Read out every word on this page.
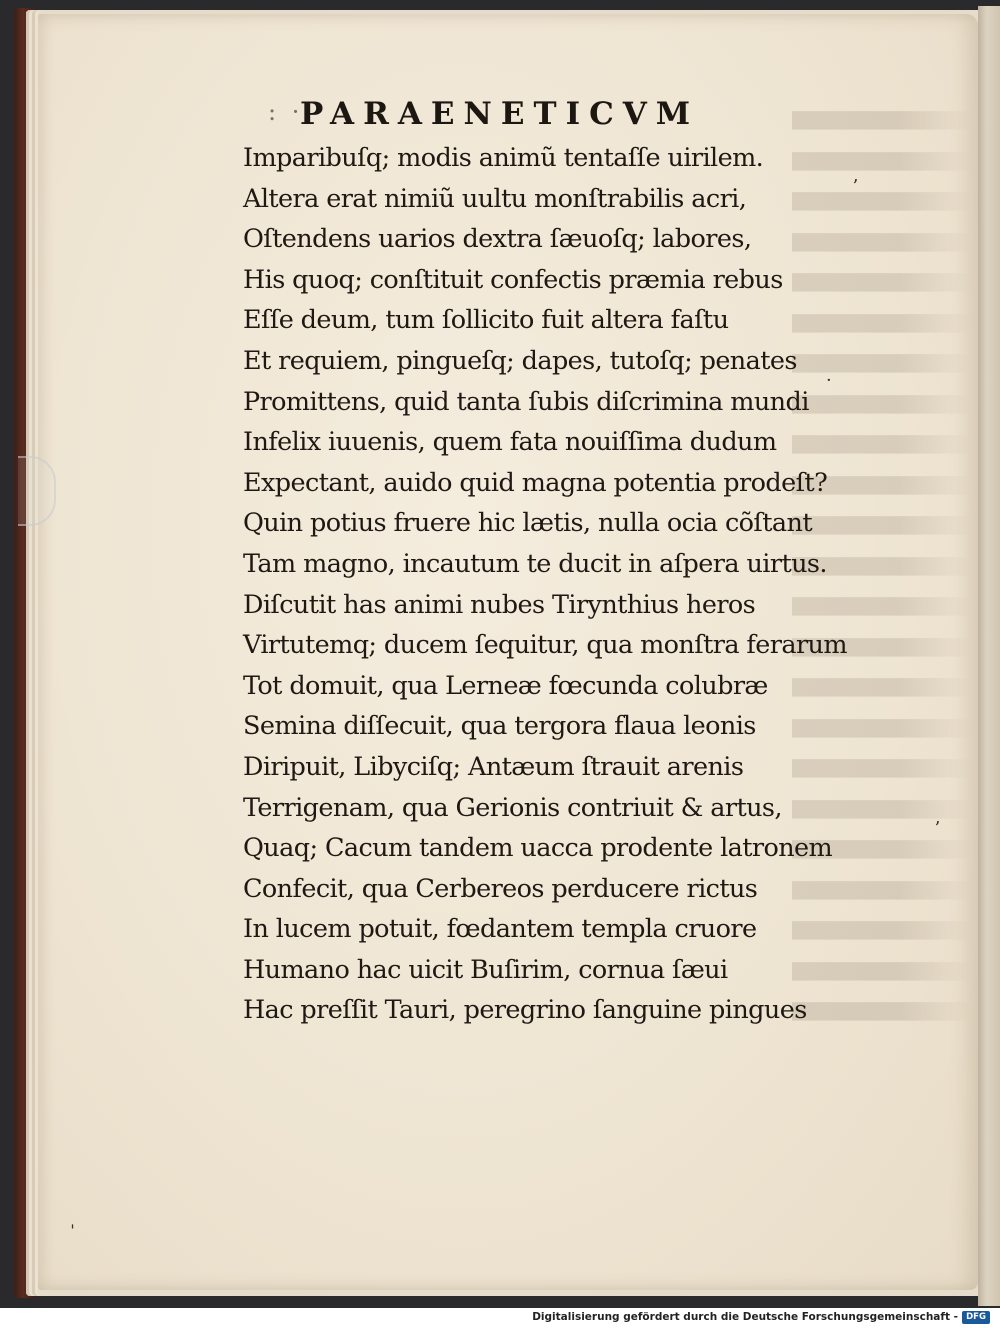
: ·
PARAENETICVM
Imparibuſq; modis animũ tentaſſe uirilem.
Altera erat nimiũ uultu monſtrabilis acri,
Oſtendens uarios dextra ſæuoſq; labores,
His quoq; conſtituit confectis præmia rebus
Eſſe deum, tum ſollicito fuit altera faſtu
Et requiem, pingueſq; dapes, tutoſq; penates
Promittens, quid tanta ſubis diſcrimina mundi
Infelix iuuenis, quem fata nouiſſima dudum
Expectant, auido quid magna potentia prodeſt?
Quin potius fruere hic lætis, nulla ocia cõſtant
Tam magno, incautum te ducit in aſpera uirtus.
Diſcutit has animi nubes Tirynthius heros
Virtutemq; ducem ſequitur, qua monſtra ferarum
Tot domuit, qua Lerneæ fœcunda colubræ
Semina diſſecuit, qua tergora flaua leonis
Diripuit, Libyciſq; Antæum ſtrauit arenis
Terrigenam, qua Gerionis contriuit & artus,
Quaq; Cacum tandem uacca prodente latronem
Confecit, qua Cerbereos perducere rictus
In lucem potuit, fœdantem templa cruore
Humano hac uicit Buſirim, cornua ſæui
Hac preſſit Tauri, peregrino ſanguine pingues
ʼ
·
ʼ
ˈ
Digitalisierung gefördert durch die Deutsche Forschungsgemeinschaft - DFG
